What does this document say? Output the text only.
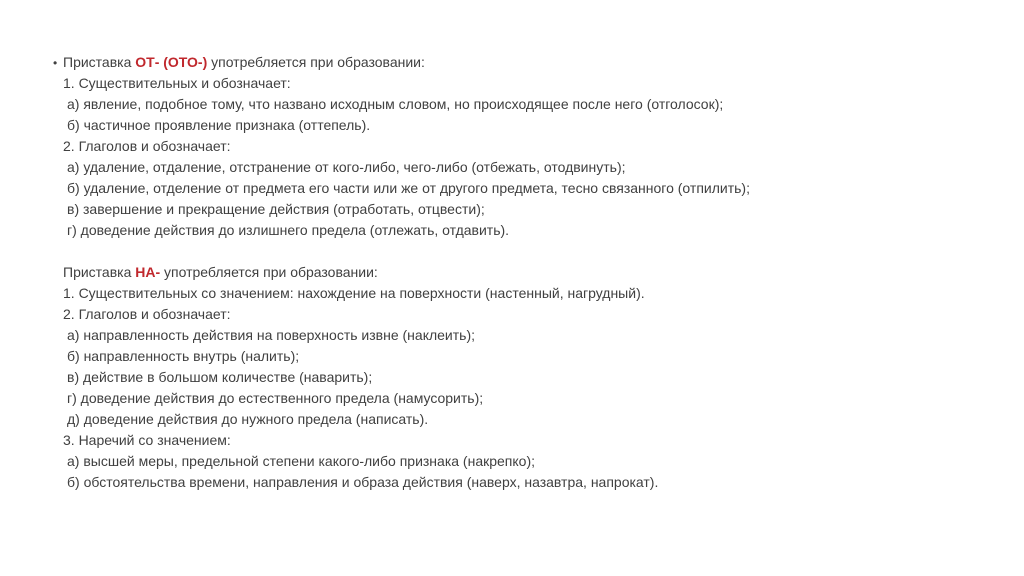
• Приставка ОТ- (ОТО-) употребляется при образовании:
1. Существительных и обозначает:
а) явление, подобное тому, что названо исходным словом, но происходящее после него (отголосок);
б) частичное проявление признака (оттепель).
2. Глаголов и обозначает:
а) удаление, отдаление, отстранение от кого-либо, чего-либо (отбежать, отодвинуть);
б) удаление, отделение от предмета его части или же от другого предмета, тесно связанного (отпилить);
в) завершение и прекращение действия (отработать, отцвести);
г) доведение действия до излишнего предела (отлежать, отдавить).
Приставка НА- употребляется при образовании:
1. Существительных со значением: нахождение на поверхности (настенный, нагрудный).
2. Глаголов и обозначает:
а) направленность действия на поверхность извне (наклеить);
б) направленность внутрь (налить);
в) действие в большом количестве (наварить);
г) доведение действия до естественного предела (намусорить);
д) доведение действия до нужного предела (написать).
3. Наречий со значением:
а) высшей меры, предельной степени какого-либо признака (накрепко);
б) обстоятельства времени, направления и образа действия (наверх, назавтра, напрокат).
